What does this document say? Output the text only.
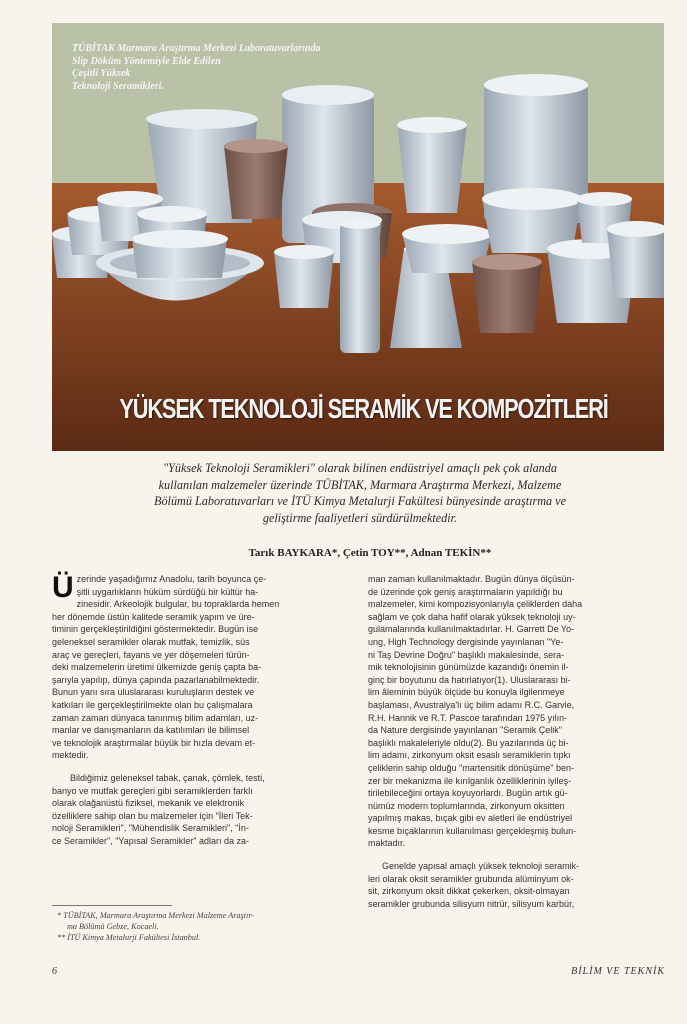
TÜBİTAK Marmara Araştırma Merkezi Laboratuvarlarında
Slip Döküm Yöntemiyle Elde Edilen
Çeşitli Yüksek
Teknoloji Seramikleri.
YÜKSEK TEKNOLOJİ SERAMİK VE KOMPOZİTLERİ
"Yüksek Teknoloji Seramikleri" olarak bilinen endüstriyel amaçlı pek çok alanda
kullanılan malzemeler üzerinde TÜBİTAK, Marmara Araştırma Merkezi, Malzeme
Bölümü Laboratuvarları ve İTÜ Kimya Metalurji Fakültesi bünyesinde araştırma ve
geliştirme faaliyetleri sürdürülmektedir.
Tarık BAYKARA*, Çetin TOY**, Adnan TEKİN**

Ü zerinde yaşadığımız Anadolu, tarih boyunca çe-
şitli uygarlıkların hüküm sürdüğü bir kültür ha-
zinesidir. Arkeolojik bulgular, bu topraklarda hemen
her dönemde üstün kalitede seramik yapım ve üre-
timinin gerçekleştirildiğini göstermektedir. Bugün ise
geleneksel seramikler olarak mutfak, temizlik, süs
araç ve gereçleri, fayans ve yer döşemeleri türün-
deki malzemelerin üretimi ülkemizde geniş çapta ba-
şarıyla yapılıp, dünya çapında pazarlanabilmektedir.
Bunun yanı sıra uluslararası kuruluşların destek ve
katkıları ile gerçekleştirilmekte olan bu çalışmalara
zaman zaman dünyaca tanınmış bilim adamları, uz-
manlar ve danışmanların da katılımları ile bilimsel
ve teknolojik araştırmalar büyük bir hızla devam et-
mektedir.

Bildiğimiz geleneksel tabak, çanak, çömlek, testi,
banyo ve mutfak gereçleri gibi seramiklerden farklı
olarak olağanüstü fiziksel, mekanik ve elektronik
özelliklere sahip olan bu malzemeler için "İleri Tek-
noloji Seramikleri", "Mühendislik Seramikleri", "İn-
ce Seramikler", "Yapısal Seramikler" adları da za-

man zaman kullanılmaktadır. Bugün dünya ölçüsün-
de üzerinde çok geniş araştırmaların yapıldığı bu
malzemeler, kimi kompozisyonlarıyla çeliklerden daha
sağlam ve çok daha hafif olarak yüksek teknoloji uy-
gulamalarında kullanılmaktadırlar. H. Garrett De Yo-
ung, High Technology dergisinde yayınlanan "Ye-
ni Taş Devrine Doğru" başlıklı makalesinde, sera-
mik teknolojisinin günümüzde kazandığı önemin il-
ginç bir boyutunu da hatırlatıyor(1). Uluslararası bi-
lim âleminin büyük ölçüde bu konuyla ilgilenmeye
başlaması, Avustralya'lı üç bilim adamı R.C. Garvie,
R.H. Hannik ve R.T. Pascoe tarafından 1975 yılın-
da Nature dergisinde yayınlanan "Seramik Çelik"
başlıklı makaleleriyle oldu(2). Bu yazılarında üç bi-
lim adamı, zirkonyum oksit esaslı seramiklerin tıpkı
çeliklerin sahip olduğu "martensitik dönüşüme" ben-
zer bir mekanizma ile kırılganlık özelliklerinin iyileş-
tirilebileceğini ortaya koyuyorlardı. Bugün artık gü-
nümüz modern toplumlarında, zirkonyum oksitten
yapılmış makas, bıçak gibi ev aletleri ile endüstriyel
kesme bıçaklarının kullanılması gerçekleşmiş bulun-
maktadır.

Genelde yapısal amaçlı yüksek teknoloji seramik-
leri olarak oksit seramikler grubunda alüminyum ok-
sit, zirkonyum oksit dikkat çekerken, oksit-olmayan
seramikler grubunda silisyum nitrür, silisyum karbür,

* TÜBİTAK, Marmara Araştırma Merkezi Malzeme Araştır-
ma Bölümü Gebze, Kocaeli.
** İTÜ Kimya Metalurji Fakültesi İstanbul.
6	BİLİM VE TEKNİK
